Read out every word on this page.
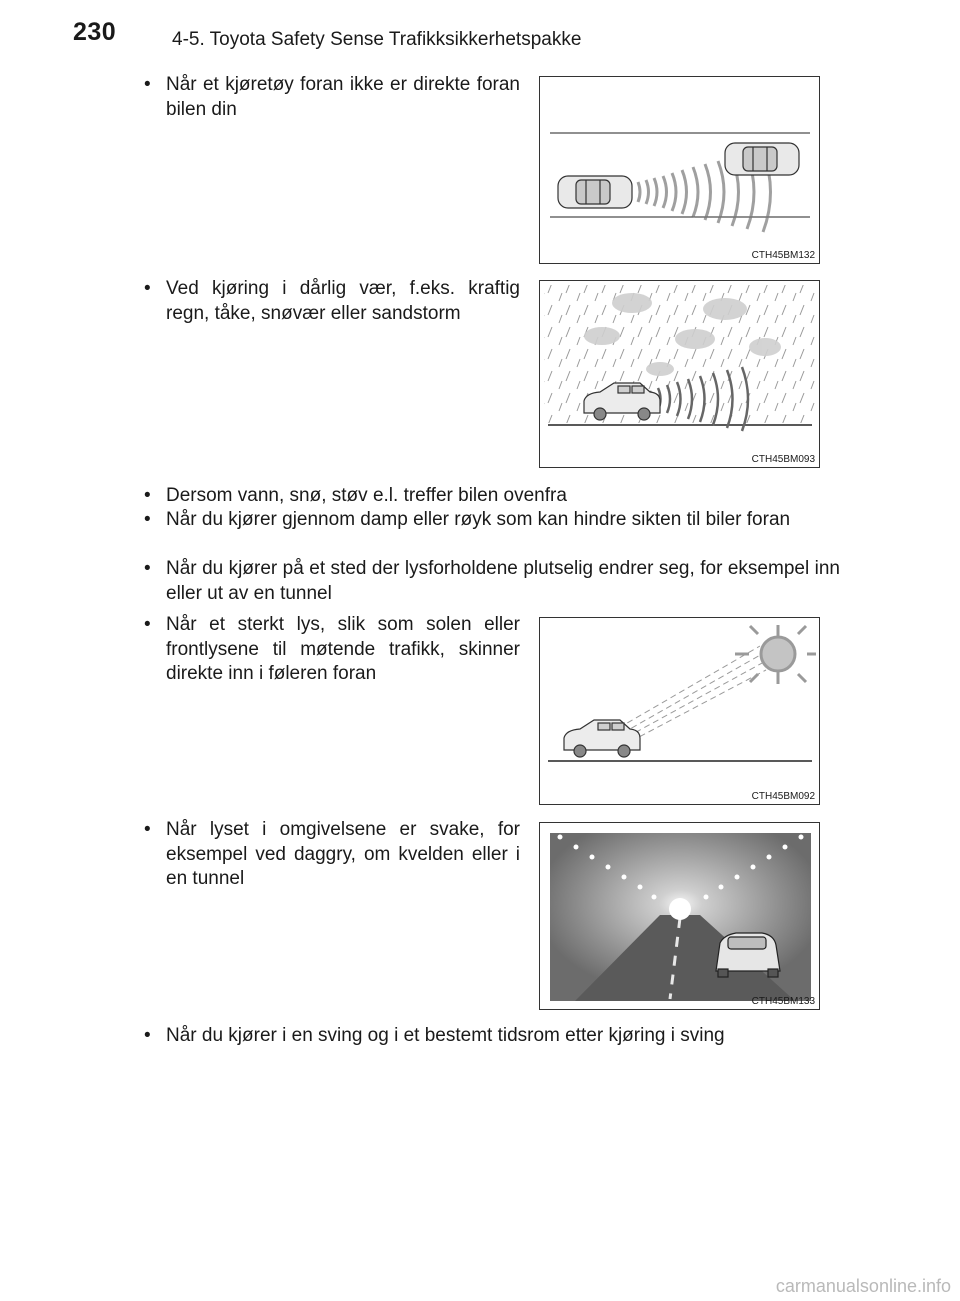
230	4-5. Toyota Safety Sense Trafikksikkerhetspakke
• Når et kjøretøy foran ikke er direkte foran bilen din
CTH45BM132
• Ved kjøring i dårlig vær, f.eks. kraftig regn, tåke, snøvær eller sandstorm
CTH45BM093
• Dersom vann, snø, støv e.l. treffer bilen ovenfra
• Når du kjører gjennom damp eller røyk som kan hindre sikten til biler foran
• Når du kjører på et sted der lysforholdene plutselig endrer seg, for eksempel inn eller ut av en tunnel
• Når et sterkt lys, slik som solen eller frontlysene til møtende trafikk, skinner direkte inn i føleren foran
CTH45BM092
• Når lyset i omgivelsene er svake, for eksempel ved daggry, om kvelden eller i en tunnel
CTH45BM133
• Når du kjører i en sving og i et bestemt tidsrom etter kjøring i sving
carmanualsonline.info
